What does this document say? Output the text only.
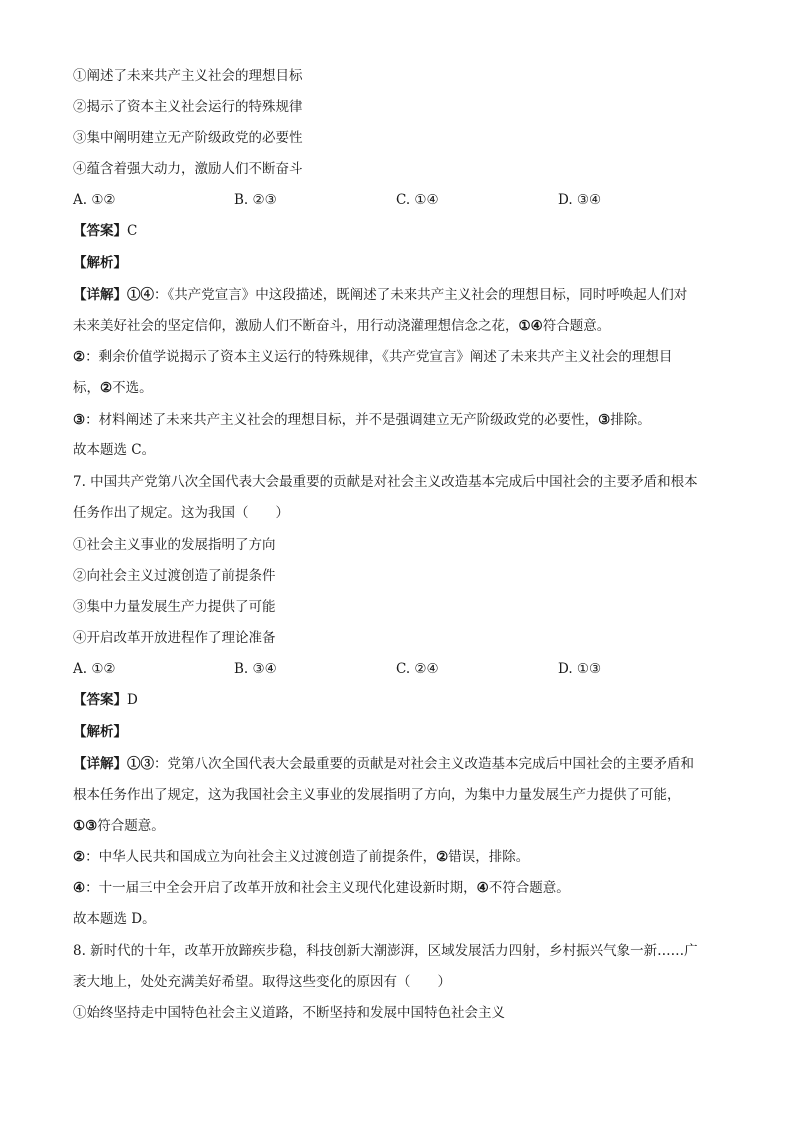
①阐述了未来共产主义社会的理想目标
②揭示了资本主义社会运行的特殊规律
③集中阐明建立无产阶级政党的必要性
④蕴含着强大动力，激励人们不断奋斗
A. ①②	B. ②③	C. ①④	D. ③④
【答案】C
【解析】
【详解】①④：《共产党宣言》中这段描述，既阐述了未来共产主义社会的理想目标，同时呼唤起人们对
未来美好社会的坚定信仰，激励人们不断奋斗，用行动浇灌理想信念之花，①④符合题意。
②：剩余价值学说揭示了资本主义运行的特殊规律，《共产党宣言》阐述了未来共产主义社会的理想目
标，②不选。
③：材料阐述了未来共产主义社会的理想目标，并不是强调建立无产阶级政党的必要性，③排除。
故本题选 C。
7. 中国共产党第八次全国代表大会最重要的贡献是对社会主义改造基本完成后中国社会的主要矛盾和根本
任务作出了规定。这为我国（　　）
①社会主义事业的发展指明了方向
②向社会主义过渡创造了前提条件
③集中力量发展生产力提供了可能
④开启改革开放进程作了理论准备
A. ①②	B. ③④	C. ②④	D. ①③
【答案】D
【解析】
【详解】①③：党第八次全国代表大会最重要的贡献是对社会主义改造基本完成后中国社会的主要矛盾和
根本任务作出了规定，这为我国社会主义事业的发展指明了方向，为集中力量发展生产力提供了可能，
①③符合题意。
②：中华人民共和国成立为向社会主义过渡创造了前提条件，②错误，排除。
④：十一届三中全会开启了改革开放和社会主义现代化建设新时期，④不符合题意。
故本题选 D。
8. 新时代的十年，改革开放蹄疾步稳，科技创新大潮澎湃，区域发展活力四射，乡村振兴气象一新……广
袤大地上，处处充满美好希望。取得这些变化的原因有（　　）
①始终坚持走中国特色社会主义道路，不断坚持和发展中国特色社会主义
